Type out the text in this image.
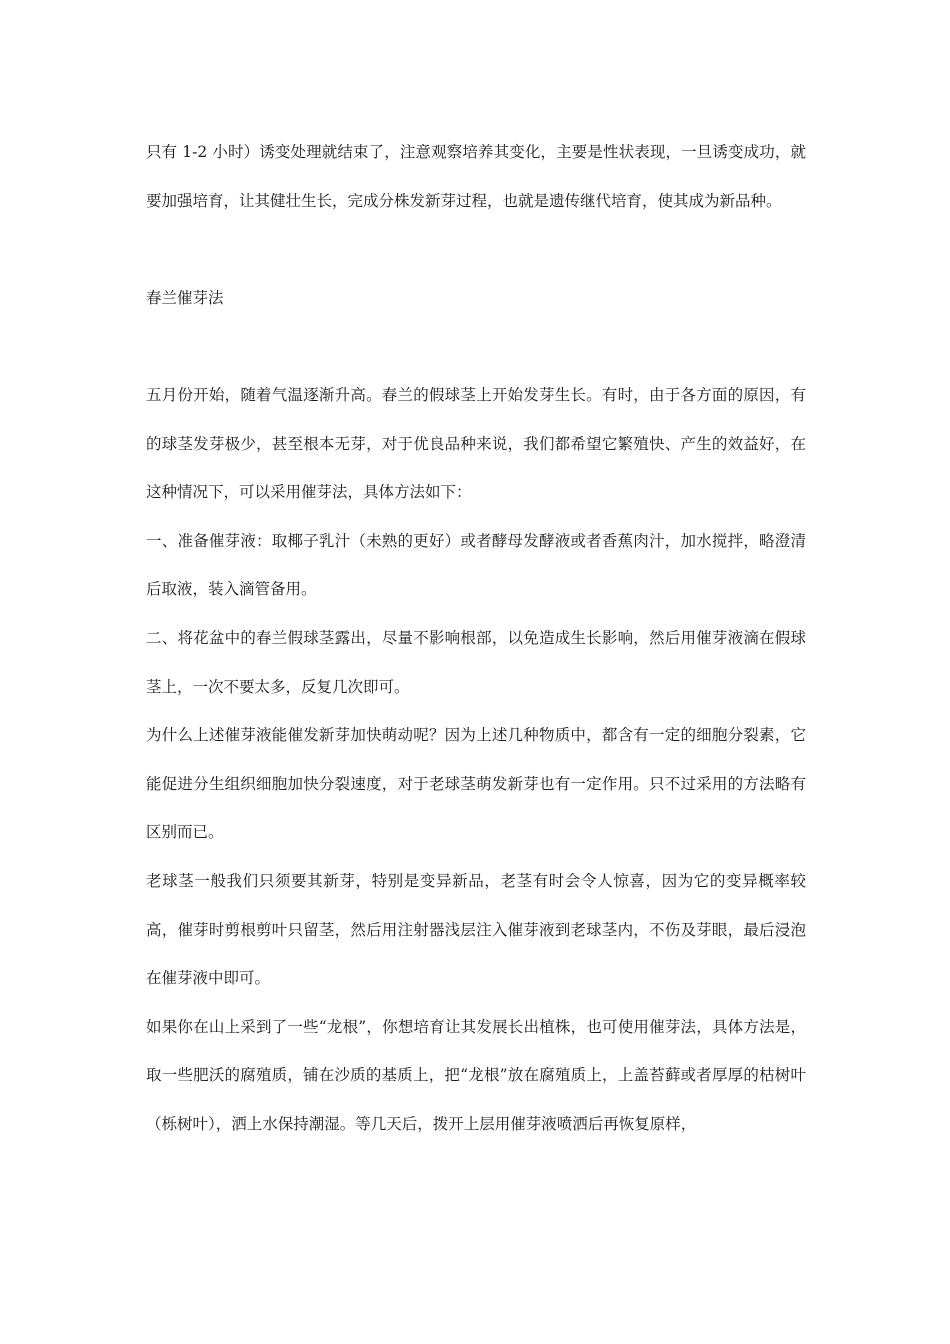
只有 1-2 小时）诱变处理就结束了，注意观察培养其变化，主要是性状表现，一旦诱变成功，就要加强培育，让其健壮生长，完成分株发新芽过程，也就是遗传继代培育，使其成为新品种。

春兰催芽法

五月份开始，随着气温逐渐升高。春兰的假球茎上开始发芽生长。有时，由于各方面的原因，有的球茎发芽极少，甚至根本无芽，对于优良品种来说，我们都希望它繁殖快、产生的效益好，在这种情况下，可以采用催芽法，具体方法如下：

一、准备催芽液：取椰子乳汁（未熟的更好）或者酵母发酵液或者香蕉肉汁，加水搅拌，略澄清后取液，装入滴管备用。

二、将花盆中的春兰假球茎露出，尽量不影响根部，以免造成生长影响，然后用催芽液滴在假球茎上，一次不要太多，反复几次即可。

为什么上述催芽液能催发新芽加快萌动呢？因为上述几种物质中，都含有一定的细胞分裂素，它能促进分生组织细胞加快分裂速度，对于老球茎萌发新芽也有一定作用。只不过采用的方法略有区别而已。

老球茎一般我们只须要其新芽，特别是变异新品，老茎有时会令人惊喜，因为它的变异概率较高，催芽时剪根剪叶只留茎，然后用注射器浅层注入催芽液到老球茎内，不伤及芽眼，最后浸泡在催芽液中即可。

如果你在山上采到了一些“龙根”，你想培育让其发展长出植株，也可使用催芽法，具体方法是，取一些肥沃的腐殖质，铺在沙质的基质上，把“龙根”放在腐殖质上，上盖苔藓或者厚厚的枯树叶（栎树叶），洒上水保持潮湿。等几天后，拨开上层用催芽液喷洒后再恢复原样，
